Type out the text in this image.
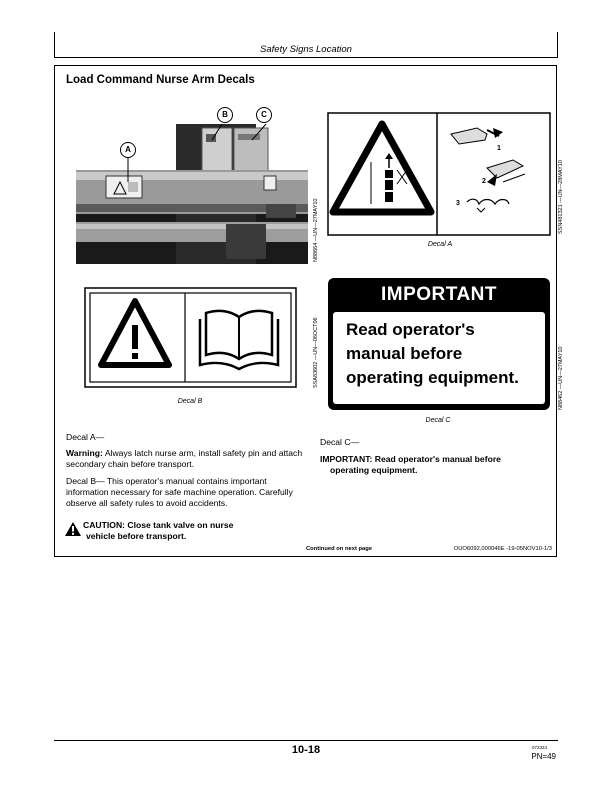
Safety Signs Location
Load Command Nurse Arm Decals
A
B	C
N88664 —UN—27MAY10
1
2
3
Decal A
SSN481321 —UN—28MAY10
Decal B
SSA83602 —UN—06OCT06
IMPORTANT
Read operator's
manual before
operating equipment.
Decal C
N88462 —UN—27MAY10
Decal A—
Warning: Always latch nurse arm, install safety pin and attach secondary chain before transport.
Decal B— This operator's manual contains important information necessary for safe machine operation. Carefully observe all safety rules to avoid accidents.
CAUTION: Close tank valve on nurse
vehicle before transport.
Decal C—
IMPORTANT: Read operator's manual before
operating equipment.
Continued on next page	OUO6092,000046E -19-05NOV10-1/3
10-18	072324
PN=49
